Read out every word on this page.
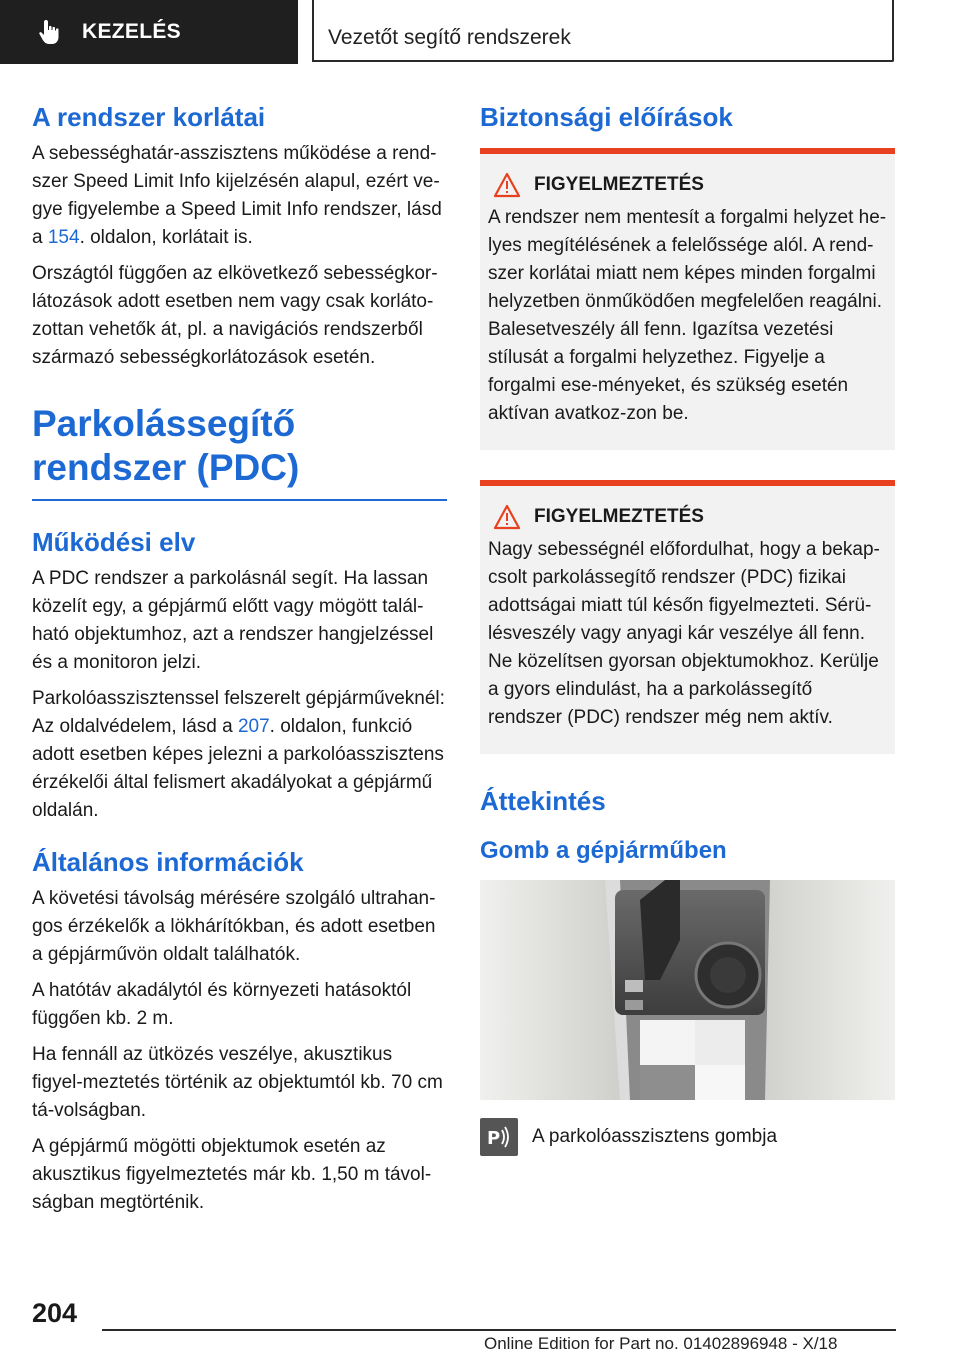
KEZELÉS	Vezetőt segítő rendszerek
A rendszer korlátai

A sebességhatár-asszisztens működése a rend-szer Speed Limit Info kijelzésén alapul, ezért ve-gye figyelembe a Speed Limit Info rendszer, lásd a 154. oldalon, korlátait is.

Országtól függően az elkövetkező sebességkor-látozások adott esetben nem vagy csak korláto-zottan vehetők át, pl. a navigációs rendszerből származó sebességkorlátozások esetén.

Parkolássegítő rendszer (PDC)
Működési elv

A PDC rendszer a parkolásnál segít. Ha lassan közelít egy, a gépjármű előtt vagy mögött talál-ható objektumhoz, azt a rendszer hangjelzéssel és a monitoron jelzi.

Parkolóasszisztenssel felszerelt gépjárműveknél: Az oldalvédelem, lásd a 207. oldalon, funkció adott esetben képes jelezni a parkolóasszisztens érzékelői által felismert akadályokat a gépjármű oldalán.

Általános információk

A követési távolság mérésére szolgáló ultrahan-gos érzékelők a lökhárítókban, és adott esetben a gépjárművön oldalt találhatók.

A hatótáv akadálytól és környezeti hatásoktól függően kb. 2 m.

Ha fennáll az ütközés veszélye, akusztikus figyel-meztetés történik az objektumtól kb. 70 cm tá-volságban.

A gépjármű mögötti objektumok esetén az akusztikus figyelmeztetés már kb. 1,50 m távol-ságban megtörténik.

Biztonsági előírások
FIGYELMEZTETÉS

A rendszer nem mentesít a forgalmi helyzet he-lyes megítélésének a felelőssége alól. A rend-szer korlátai miatt nem képes minden forgalmi helyzetben önműködően megfelelően reagálni. Balesetveszély áll fenn. Igazítsa vezetési stílusát a forgalmi helyzethez. Figyelje a forgalmi ese-ményeket, és szükség esetén aktívan avatkoz-zon be.

FIGYELMEZTETÉS

Nagy sebességnél előfordulhat, hogy a bekap-csolt parkolássegítő rendszer (PDC) fizikai adottságai miatt túl későn figyelmezteti. Sérü-lésveszély vagy anyagi kár veszélye áll fenn. Ne közelítsen gyorsan objektumokhoz. Kerülje a gyors elindulást, ha a parkolássegítő rendszer (PDC) rendszer még nem aktív.

Áttekintés
Gomb a gépjárműben
P A parkolóasszisztens gombja
204
Online Edition for Part no. 01402896948 - X/18
